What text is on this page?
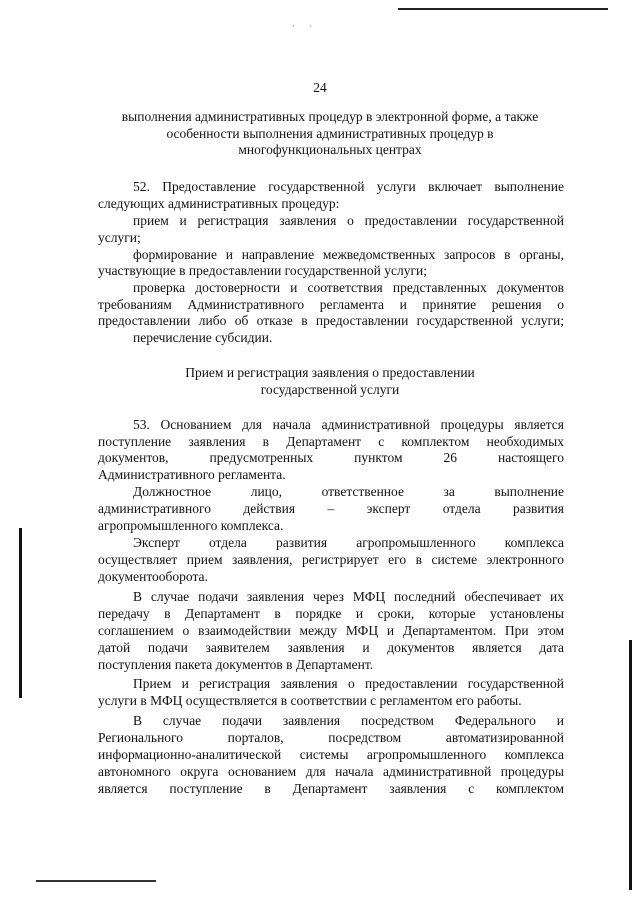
ʿ ʿ
24
выполнения административных процедур в электронной форме, а также
особенности выполнения административных процедур в
многофункциональных центрах

52. Предоставление государственной услуги включает выполнение

следующих административных процедур:

прием и регистрация заявления о предоставлении государственной

услуги;

формирование и направление межведомственных запросов в органы,

участвующие в предоставлении государственной услуги;

проверка достоверности и соответствия представленных документов

требованиям Административного регламента и принятие решения о

предоставлении либо об отказе в предоставлении государственной услуги;

перечисление субсидии.

Прием и регистрация заявления о предоставлении
государственной услуги

53. Основанием для начала административной процедуры является

поступление заявления в Департамент с комплектом необходимых

документов, предусмотренных пунктом 26 настоящего

Административного регламента.

Должностное лицо, ответственное за выполнение

административного действия – эксперт отдела развития

агропромышленного комплекса.

Эксперт отдела развития агропромышленного комплекса

осуществляет прием заявления, регистрирует его в системе электронного

документооборота.

В случае подачи заявления через МФЦ последний обеспечивает их

передачу в Департамент в порядке и сроки, которые установлены

соглашением о взаимодействии между МФЦ и Департаментом. При этом

датой подачи заявителем заявления и документов является дата

поступления пакета документов в Департамент.

Прием и регистрация заявления о предоставлении государственной

услуги в МФЦ осуществляется в соответствии с регламентом его работы.

В случае подачи заявления посредством Федерального и

Регионального порталов, посредством автоматизированной

информационно-аналитической системы агропромышленного комплекса

автономного округа основанием для начала административной процедуры

является поступление в Департамент заявления с комплектом
